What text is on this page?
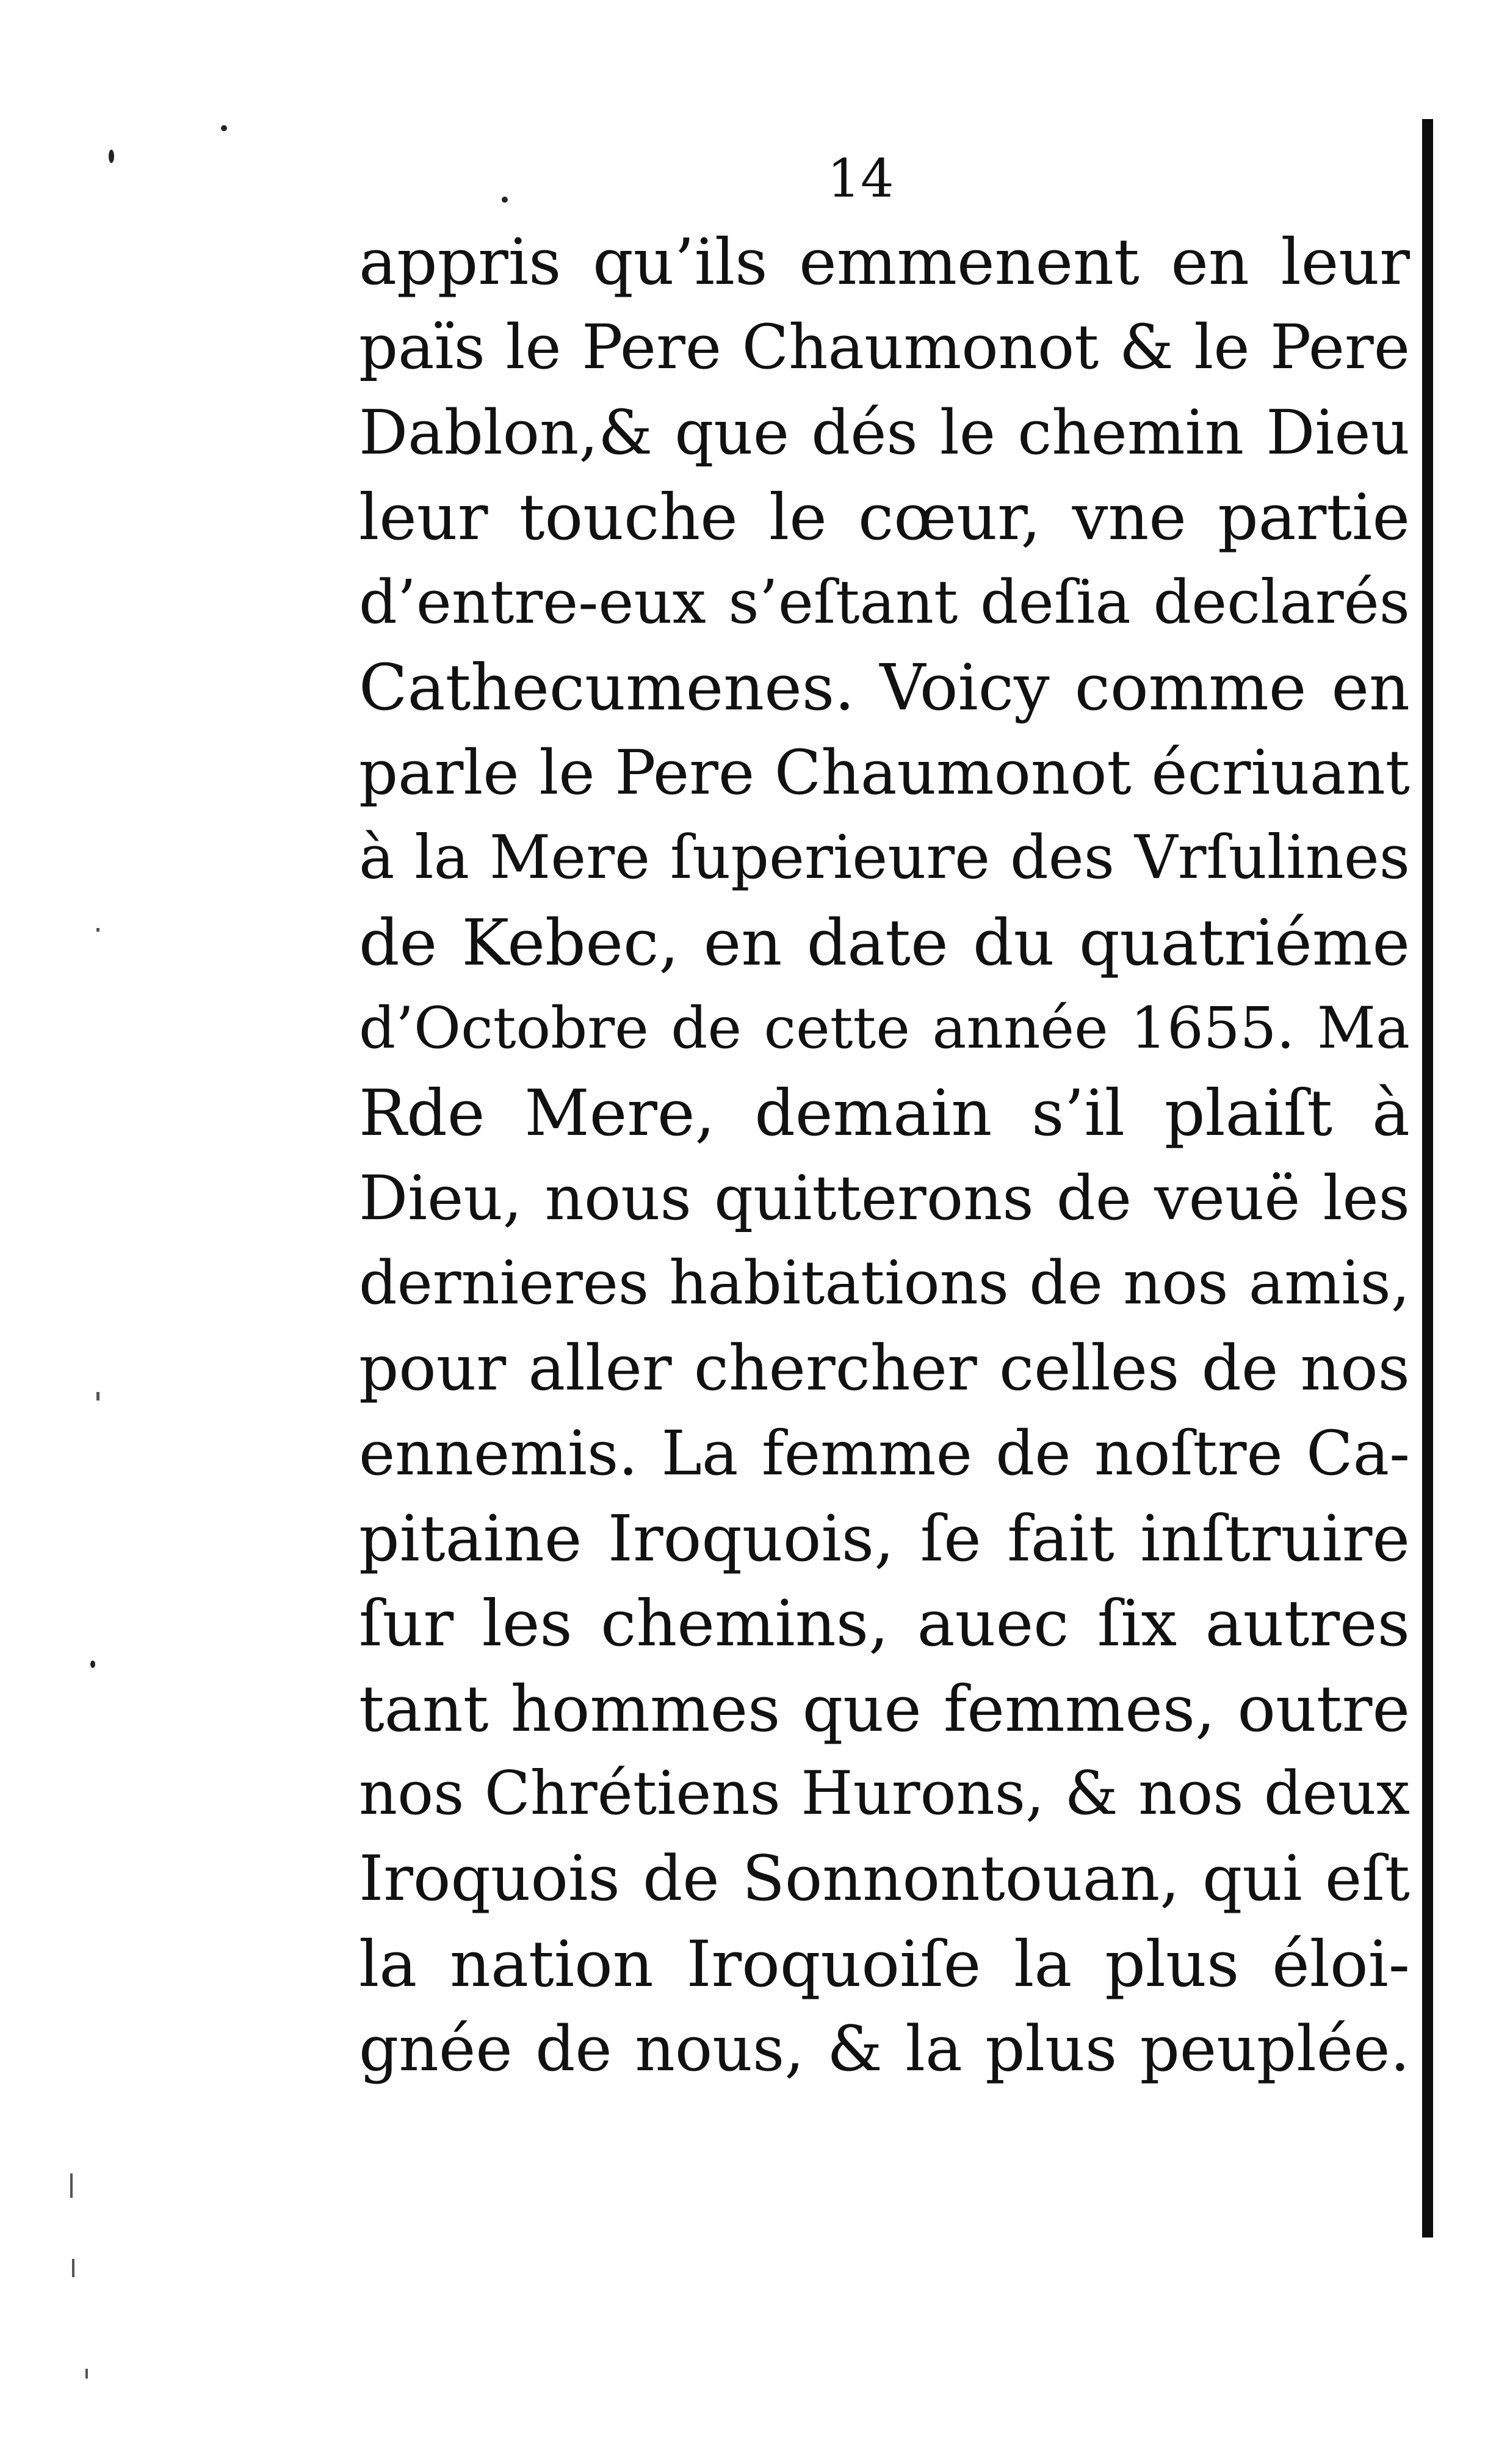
14
appris qu’ils emmenent en leur
païs le Pere Chaumonot & le Pere
Dablon,& que dés le chemin Dieu
leur touche le cœur, vne partie
d’entre-eux s’eſtant deſia declarés
Cathecumenes. Voicy comme en
parle le Pere Chaumonot écriuant
à la Mere ſuperieure des Vrſulines
de Kebec, en date du quatriéme
d’Octobre de cette année 1655. Ma
Rde Mere, demain s’il plaiſt à
Dieu, nous quitterons de veuë les
dernieres habitations de nos amis,
pour aller chercher celles de nos
ennemis. La femme de noſtre Ca-
pitaine Iroquois, ſe fait inſtruire
ſur les chemins, auec ſix autres
tant hommes que femmes, outre
nos Chrétiens Hurons, & nos deux
Iroquois de Sonnontouan, qui eſt
la nation Iroquoiſe la plus éloi-
gnée de nous, & la plus peuplée.
